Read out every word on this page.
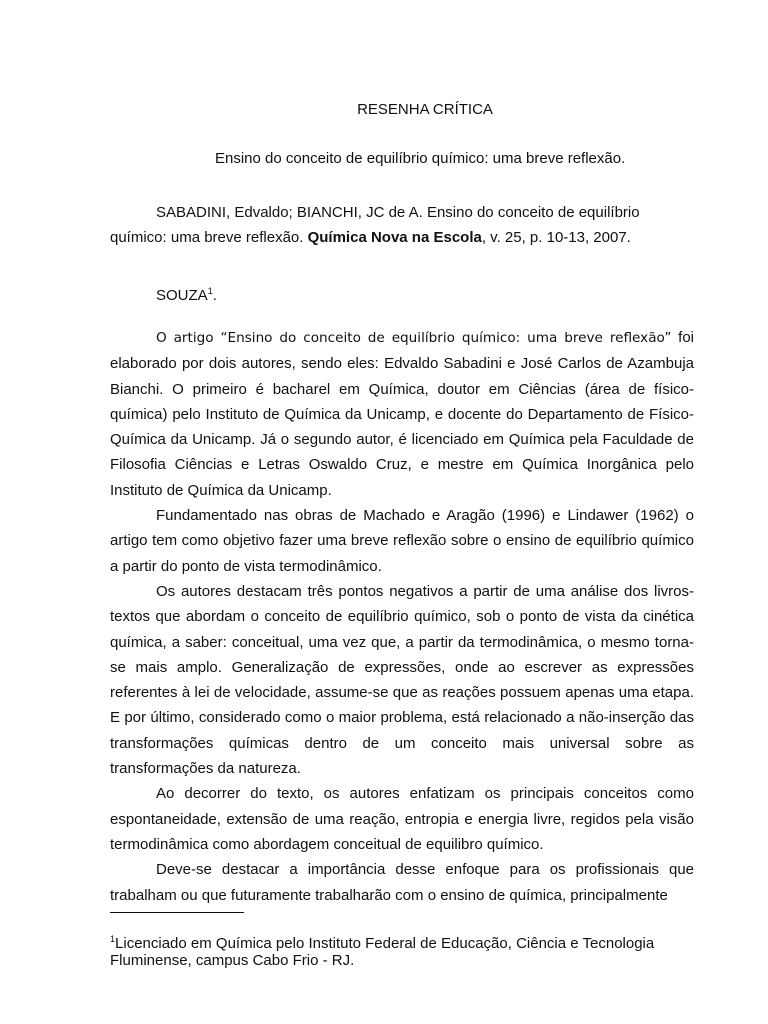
RESENHA CRÍTICA
Ensino do conceito de equilíbrio químico: uma breve reflexão.
SABADINI, Edvaldo; BIANCHI, JC de A. Ensino do conceito de equilíbrio químico: uma breve reflexão. Química Nova na Escola, v. 25, p. 10-13, 2007.
SOUZA$^1$.

O artigo “Ensino do conceito de equilíbrio químico: uma breve reflexão” foi elaborado por dois autores, sendo eles: Edvaldo Sabadini e José Carlos de Azambuja Bianchi. O primeiro é bacharel em Química, doutor em Ciências (área de físico-química) pelo Instituto de Química da Unicamp, e docente do Departamento de Físico-Química da Unicamp. Já o segundo autor, é licenciado em Química pela Faculdade de Filosofia Ciências e Letras Oswaldo Cruz, e mestre em Química Inorgânica pelo Instituto de Química da Unicamp.

Fundamentado nas obras de Machado e Aragão (1996) e Lindawer (1962) o artigo tem como objetivo fazer uma breve reflexão sobre o ensino de equilíbrio químico a partir do ponto de vista termodinâmico.

Os autores destacam três pontos negativos a partir de uma análise dos livros-textos que abordam o conceito de equilíbrio químico, sob o ponto de vista da cinética química, a saber: conceitual, uma vez que, a partir da termodinâmica, o mesmo torna-se mais amplo. Generalização de expressões, onde ao escrever as expressões referentes à lei de velocidade, assume-se que as reações possuem apenas uma etapa. E por último, considerado como o maior problema, está relacionado a não-inserção das transformações químicas dentro de um conceito mais universal sobre as transformações da natureza.

Ao decorrer do texto, os autores enfatizam os principais conceitos como espontaneidade, extensão de uma reação, entropia e energia livre, regidos pela visão termodinâmica como abordagem conceitual de equilibro químico.

Deve-se destacar a importância desse enfoque para os profissionais que trabalham ou que futuramente trabalharão com o ensino de química, principalmente

$^1$Licenciado em Química pelo Instituto Federal de Educação, Ciência e Tecnologia Fluminense, campus Cabo Frio - RJ.
